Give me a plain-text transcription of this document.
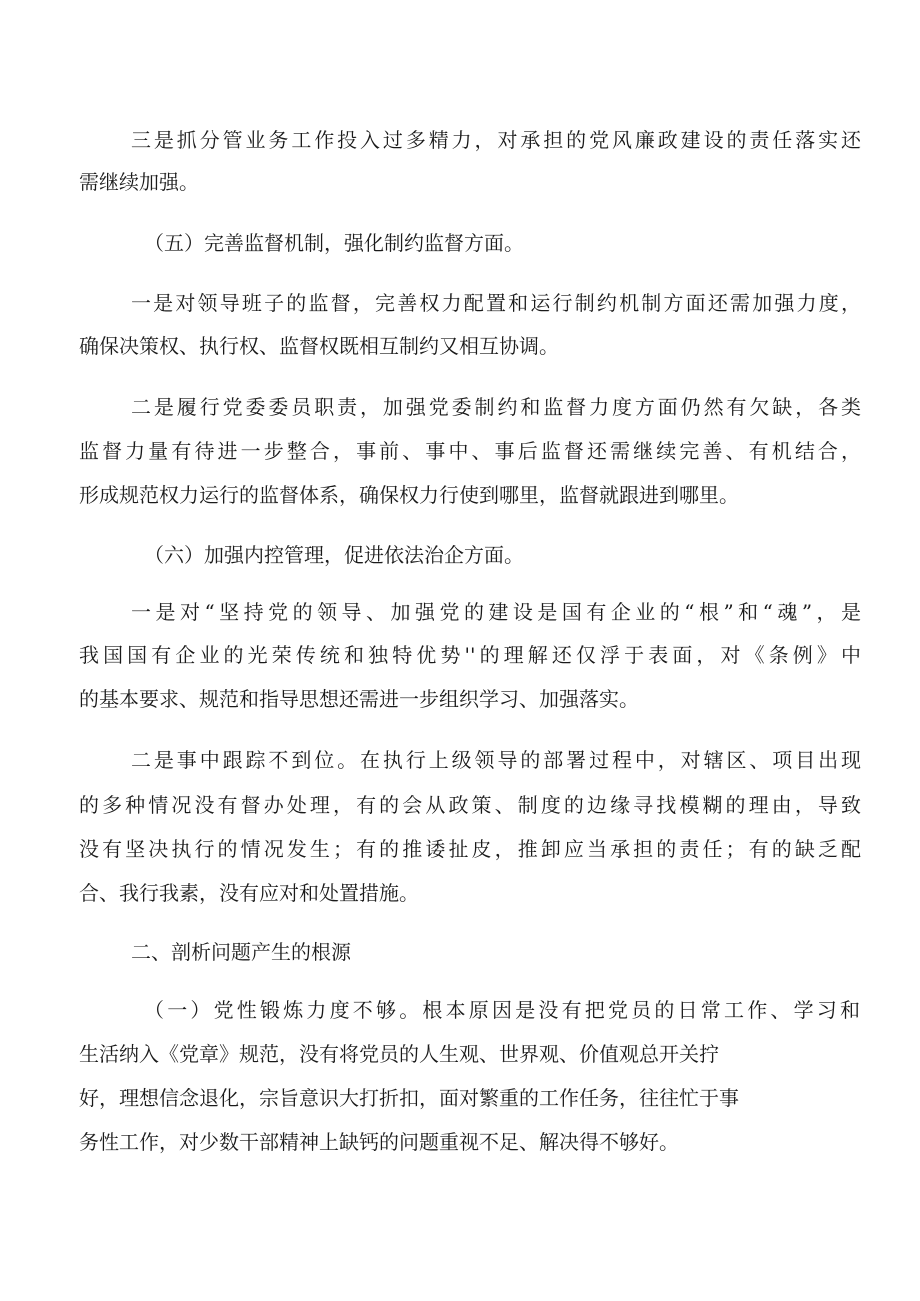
三是抓分管业务工作投入过多精力，对承担的党风廉政建设的责任落实还
需继续加强。
（五）完善监督机制，强化制约监督方面。
一是对领导班子的监督，完善权力配置和运行制约机制方面还需加强力度，
确保决策权、执行权、监督权既相互制约又相互协调。
二是履行党委委员职责，加强党委制约和监督力度方面仍然有欠缺，各类
监督力量有待进一步整合，事前、事中、事后监督还需继续完善、有机结合，
形成规范权力运行的监督体系，确保权力行使到哪里，监督就跟进到哪里。
（六）加强内控管理，促进依法治企方面。
一是对“坚持党的领导、加强党的建设是国有企业的“根”和“魂”，是
我国国有企业的光荣传统和独特优势''的理解还仅浮于表面，对《条例》中
的基本要求、规范和指导思想还需进一步组织学习、加强落实。
二是事中跟踪不到位。在执行上级领导的部署过程中，对辖区、项目出现
的多种情况没有督办处理，有的会从政策、制度的边缘寻找模糊的理由，导致
没有坚决执行的情况发生；有的推诿扯皮，推卸应当承担的责任；有的缺乏配
合、我行我素，没有应对和处置措施。
二、剖析问题产生的根源
（一）党性锻炼力度不够。根本原因是没有把党员的日常工作、学习和
生活纳入《党章》规范，没有将党员的人生观、世界观、价值观总开关拧
好，理想信念退化，宗旨意识大打折扣，面对繁重的工作任务，往往忙于事
务性工作，对少数干部精神上缺钙的问题重视不足、解决得不够好。
